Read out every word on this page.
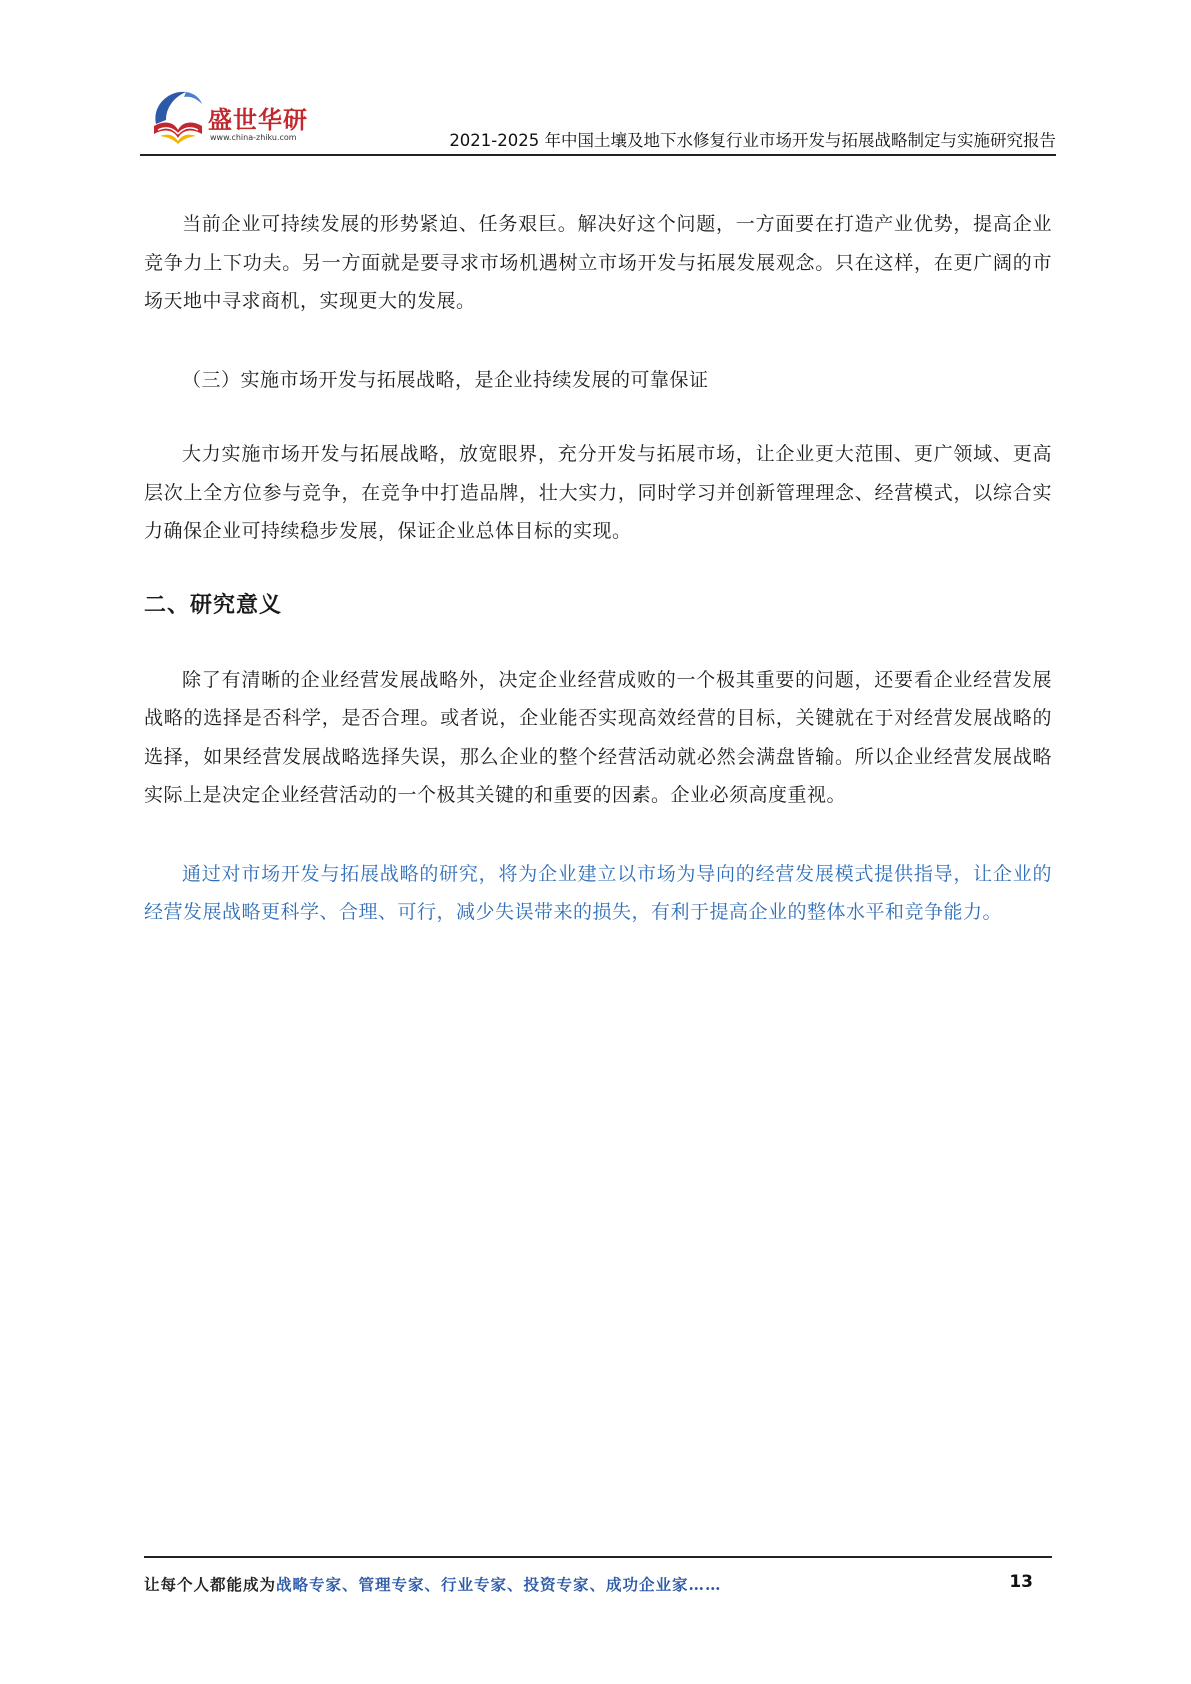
盛世华研
www.china-zhiku.com	2021-2025 年中国土壤及地下水修复行业市场开发与拓展战略制定与实施研究报告

当前企业可持续发展的形势紧迫、任务艰巨。解决好这个问题，一方面要在打造产业优势，提高企业竞争力上下功夫。另一方面就是要寻求市场机遇树立市场开发与拓展发展观念。只在这样，在更广阔的市场天地中寻求商机，实现更大的发展。

（三）实施市场开发与拓展战略，是企业持续发展的可靠保证

大力实施市场开发与拓展战略，放宽眼界，充分开发与拓展市场，让企业更大范围、更广领域、更高层次上全方位参与竞争，在竞争中打造品牌，壮大实力，同时学习并创新管理理念、经营模式，以综合实力确保企业可持续稳步发展，保证企业总体目标的实现。

二、研究意义

除了有清晰的企业经营发展战略外，决定企业经营成败的一个极其重要的问题，还要看企业经营发展战略的选择是否科学，是否合理。或者说，企业能否实现高效经营的目标，关键就在于对经营发展战略的选择，如果经营发展战略选择失误，那么企业的整个经营活动就必然会满盘皆输。所以企业经营发展战略实际上是决定企业经营活动的一个极其关键的和重要的因素。企业必须高度重视。

通过对市场开发与拓展战略的研究，将为企业建立以市场为导向的经营发展模式提供指导，让企业的经营发展战略更科学、合理、可行，减少失误带来的损失，有利于提高企业的整体水平和竞争能力。

让每个人都能成为战略专家、管理专家、行业专家、投资专家、成功企业家……	13
